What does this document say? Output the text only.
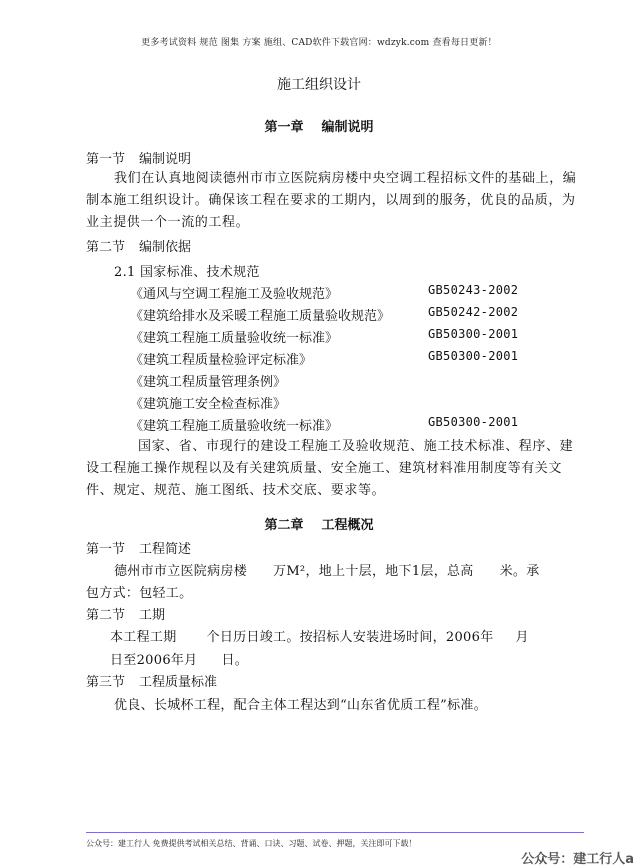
更多考试资料 规范 图集 方案 施组、CAD软件下载官网：wdzyk.com 查看每日更新！
施工组织设计
第一章 编制说明
第一节 编制说明
我们在认真地阅读德州市市立医院病房楼中央空调工程招标文件的基础上，编制本施工组织设计。确保该工程在要求的工期内，以周到的服务，优良的品质，为业主提供一个一流的工程。
第二节 编制依据
2.1 国家标准、技术规范
《通风与空调工程施工及验收规范》	GB50243-2002
《建筑给排水及采暖工程施工质量验收规范》	GB50242-2002
《建筑工程施工质量验收统一标准》	GB50300-2001
《建筑工程质量检验评定标准》	GB50300-2001
《建筑工程质量管理条例》
《建筑施工安全检查标准》
《建筑工程施工质量验收统一标准》	GB50300-2001
国家、省、市现行的建设工程施工及验收规范、施工技术标准、程序、建设工程施工操作规程以及有关建筑质量、安全施工、建筑材料准用制度等有关文件、规定、规范、施工图纸、技术交底、要求等。
第二章 工程概况
第一节 工程简述
德州市市立医院病房楼 万M²，地上十层，地下1层，总高 米。承
包方式：包轻工。
第二节 工期
本工程工期 个日历日竣工。按招标人安装进场时间，2006年 月
日至2006年月 日。
第三节 工程质量标准
优良、长城杯工程，配合主体工程达到“山东省优质工程”标准。
公众号：建工行人 免费提供考试相关总结、背诵、口诀、习题、试卷、押题，关注即可下载！
公众号：建工行人a
